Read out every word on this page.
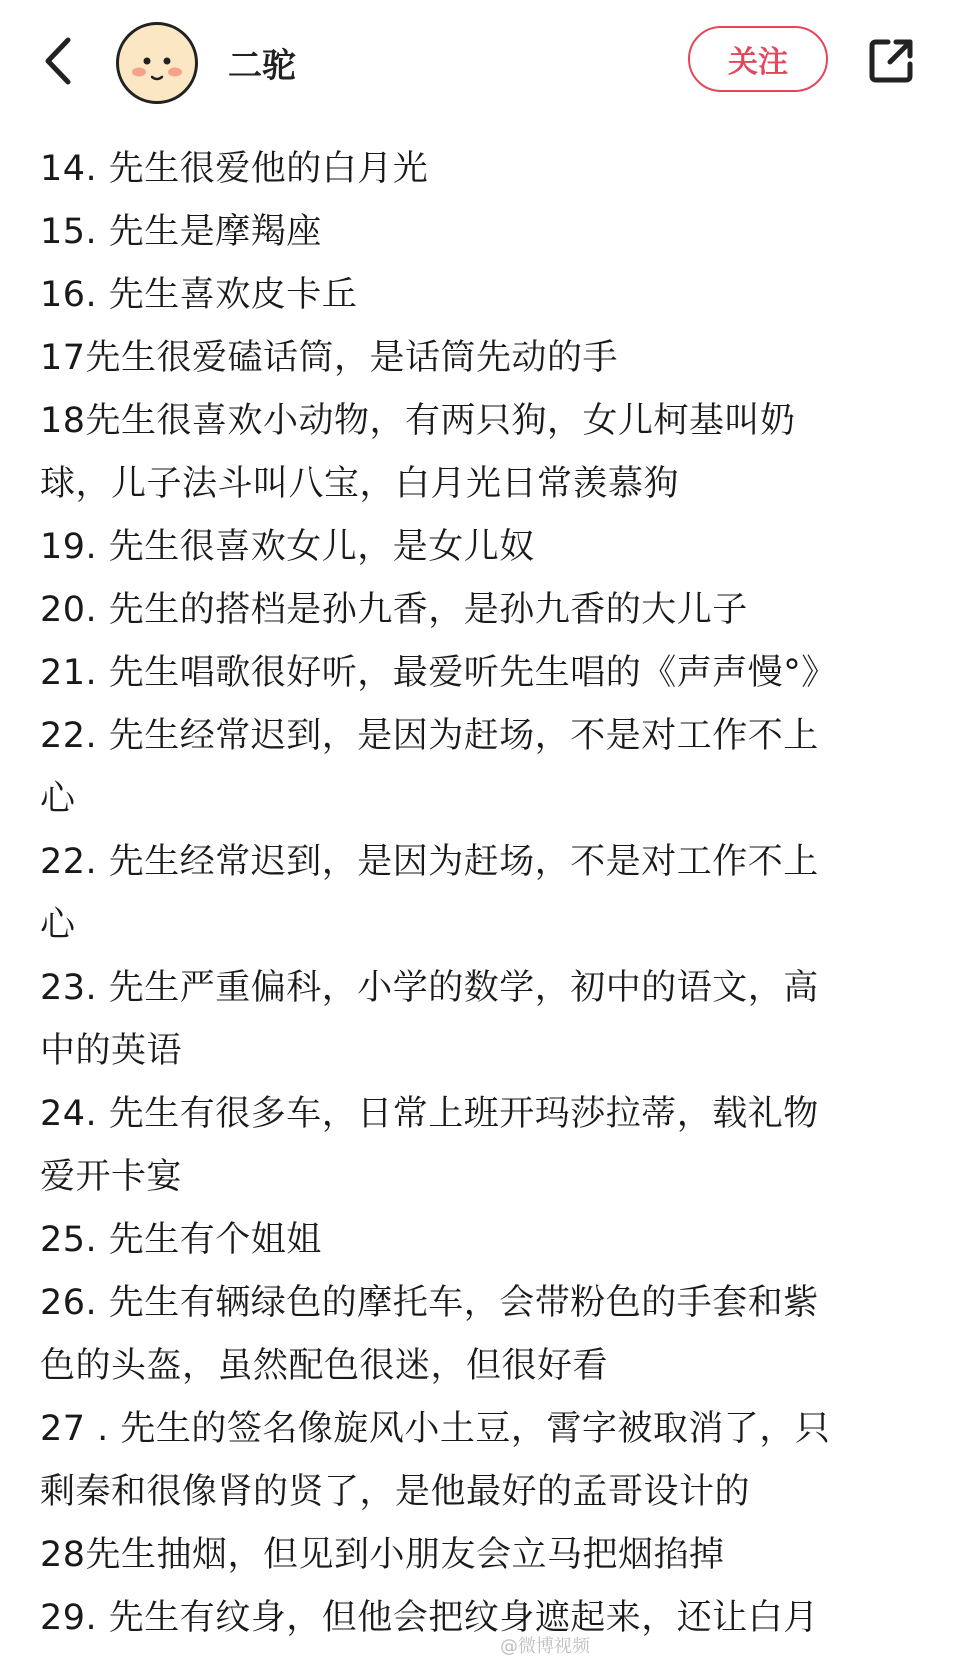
二驼	关注
14. 先生很爱他的白月光
15. 先生是摩羯座
16. 先生喜欢皮卡丘
17先生很爱磕话筒，是话筒先动的手
18先生很喜欢小动物，有两只狗，女儿柯基叫奶
球，儿子法斗叫八宝，白月光日常羡慕狗
19. 先生很喜欢女儿，是女儿奴
20. 先生的搭档是孙九香，是孙九香的大儿子
21. 先生唱歌很好听，最爱听先生唱的《声声慢°》
22. 先生经常迟到，是因为赶场，不是对工作不上
心
22. 先生经常迟到，是因为赶场，不是对工作不上
心
23. 先生严重偏科，小学的数学，初中的语文，高
中的英语
24. 先生有很多车，日常上班开玛莎拉蒂，载礼物
爱开卡宴
25. 先生有个姐姐
26. 先生有辆绿色的摩托车，会带粉色的手套和紫
色的头盔，虽然配色很迷，但很好看
27 . 先生的签名像旋风小土豆，霄字被取消了，只
剩秦和很像肾的贤了，是他最好的孟哥设计的
28先生抽烟，但见到小朋友会立马把烟掐掉
29. 先生有纹身，但他会把纹身遮起来，还让白月
@微博视频
